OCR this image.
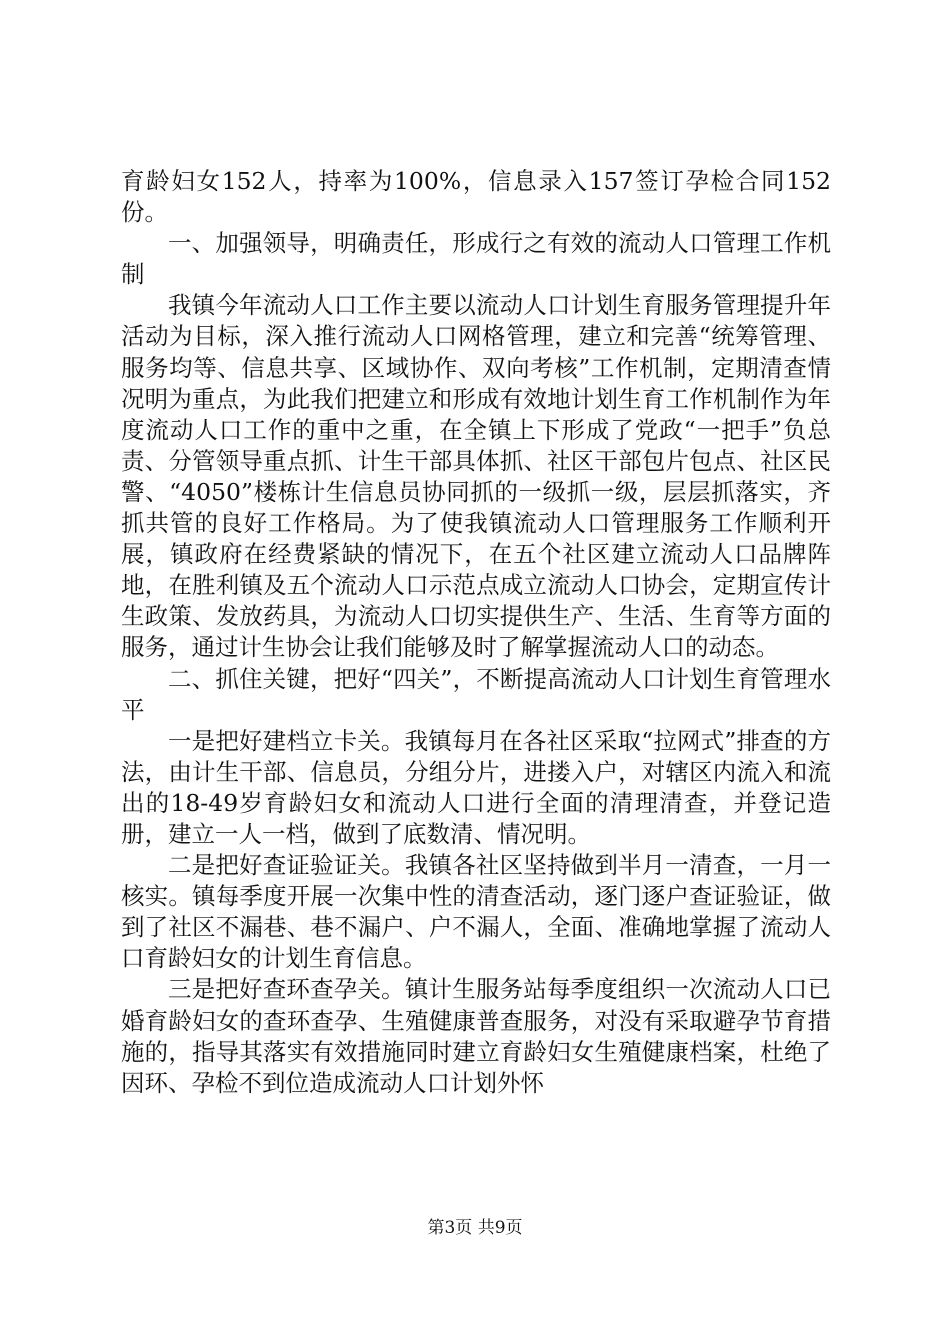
育龄妇女152人，持率为100%，信息录入157签订孕检合同152份。

一、加强领导，明确责任，形成行之有效的流动人口管理工作机制

我镇今年流动人口工作主要以流动人口计划生育服务管理提升年活动为目标，深入推行流动人口网格管理，建立和完善“统筹管理、服务均等、信息共享、区域协作、双向考核”工作机制，定期清查情况明为重点，为此我们把建立和形成有效地计划生育工作机制作为年度流动人口工作的重中之重，在全镇上下形成了党政“一把手”负总责、分管领导重点抓、计生干部具体抓、社区干部包片包点、社区民警、“4050”楼栋计生信息员协同抓的一级抓一级，层层抓落实，齐抓共管的良好工作格局。为了使我镇流动人口管理服务工作顺利开展，镇政府在经费紧缺的情况下，在五个社区建立流动人口品牌阵地，在胜利镇及五个流动人口示范点成立流动人口协会，定期宣传计生政策、发放药具，为流动人口切实提供生产、生活、生育等方面的服务，通过计生协会让我们能够及时了解掌握流动人口的动态。

二、抓住关键，把好“四关”，不断提高流动人口计划生育管理水平

一是把好建档立卡关。我镇每月在各社区采取“拉网式”排查的方法，由计生干部、信息员，分组分片，进搂入户，对辖区内流入和流出的18-49岁育龄妇女和流动人口进行全面的清理清查，并登记造册，建立一人一档，做到了底数清、情况明。

二是把好查证验证关。我镇各社区坚持做到半月一清查，一月一核实。镇每季度开展一次集中性的清查活动，逐门逐户查证验证，做到了社区不漏巷、巷不漏户、户不漏人，全面、准确地掌握了流动人口育龄妇女的计划生育信息。

三是把好查环查孕关。镇计生服务站每季度组织一次流动人口已婚育龄妇女的查环查孕、生殖健康普查服务，对没有采取避孕节育措施的，指导其落实有效措施同时建立育龄妇女生殖健康档案，杜绝了因环、孕检不到位造成流动人口计划外怀

第3页 共9页
